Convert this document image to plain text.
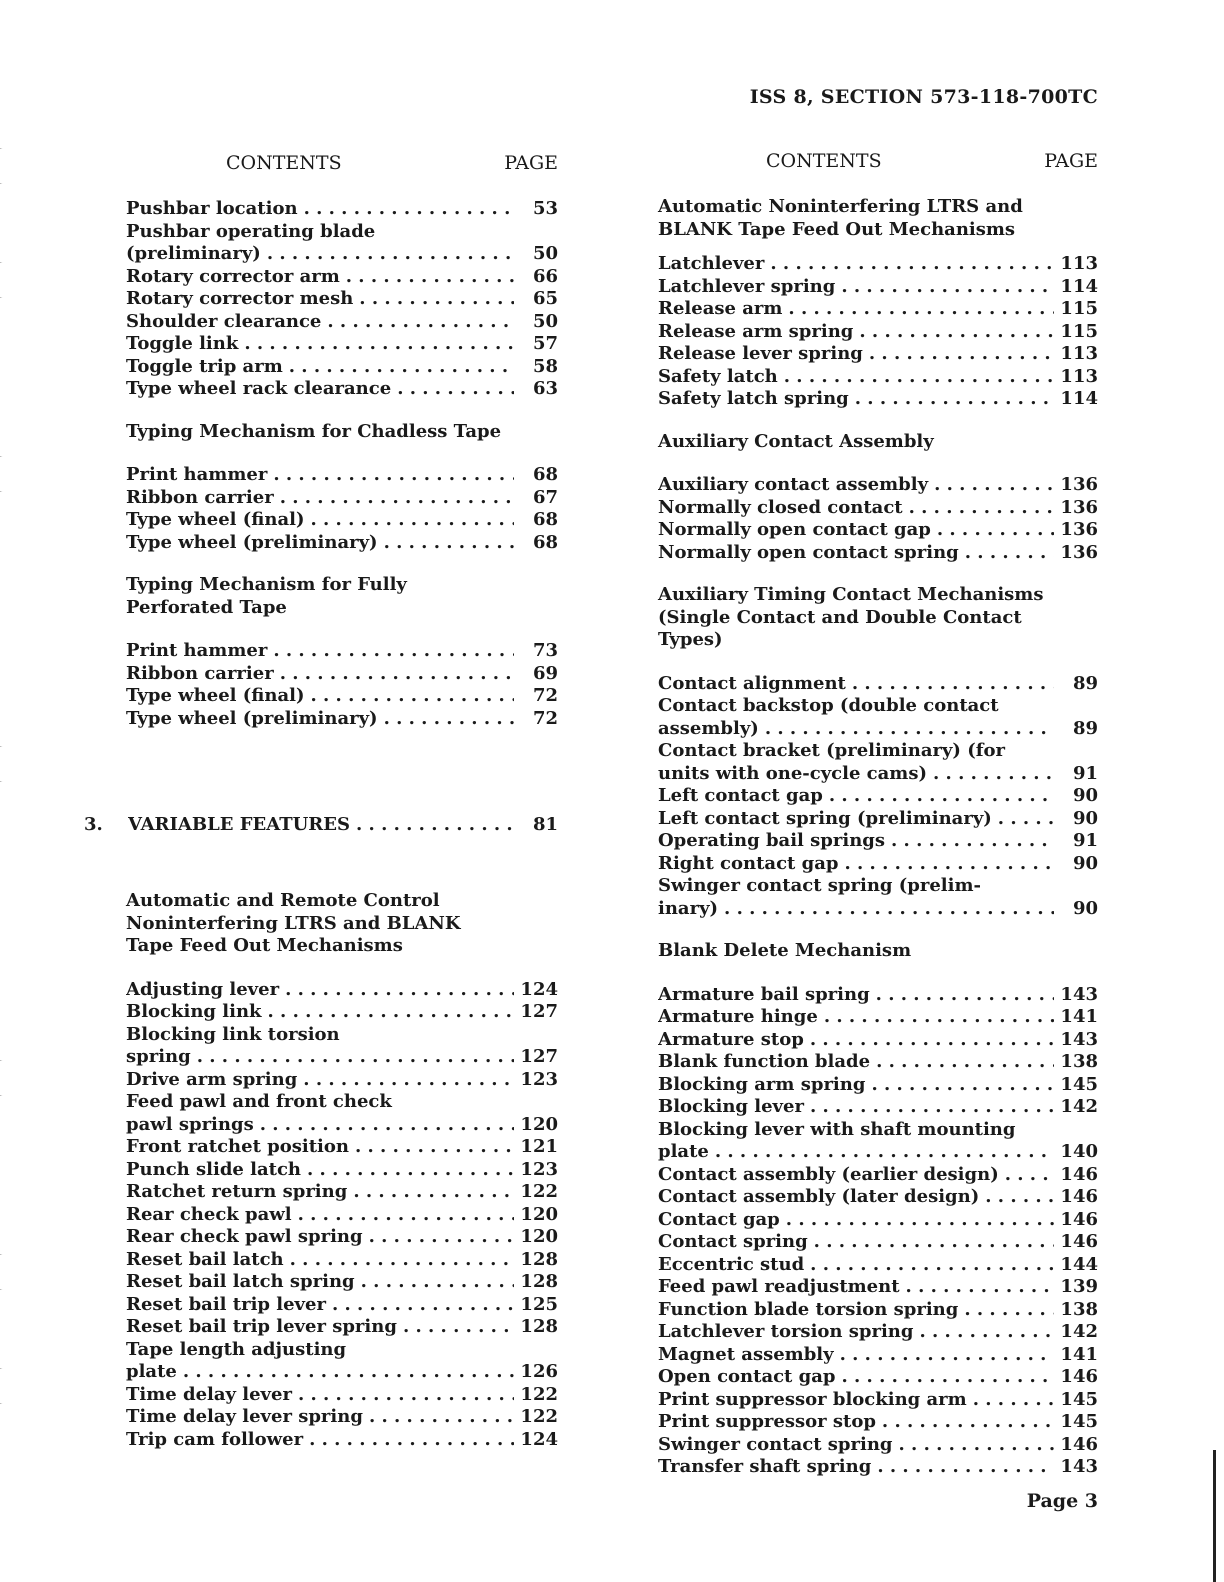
ISS 8, SECTION 573-118-700TC
CONTENTS	PAGE
Pushbar location . . .	53
Pushbar operating blade
(preliminary) . . .	50
Rotary corrector arm . . .	66
Rotary corrector mesh . . .	65
Shoulder clearance . . .	50
Toggle link . . .	57
Toggle trip arm . . .	58
Type wheel rack clearance . . .	63
Typing Mechanism for Chadless Tape
Print hammer . . .	68
Ribbon carrier . . .	67
Type wheel (final) . . .	68
Type wheel (preliminary) . . .	68
Typing Mechanism for Fully
Perforated Tape
Print hammer . . .	73
Ribbon carrier . . .	69
Type wheel (final) . . .	72
Type wheel (preliminary) . . .	72
3. VARIABLE FEATURES . . .	81
Automatic and Remote Control
Noninterfering LTRS and BLANK
Tape Feed Out Mechanisms
Adjusting lever . . .	124
Blocking link . . .	127
Blocking link torsion
spring . . .	127
Drive arm spring . . .	123
Feed pawl and front check
pawl springs . . .	120
Front ratchet position . . .	121
Punch slide latch . . .	123
Ratchet return spring . . .	122
Rear check pawl . . .	120
Rear check pawl spring . . .	120
Reset bail latch . . .	128
Reset bail latch spring . . .	128
Reset bail trip lever . . .	125
Reset bail trip lever spring . . .	128
Tape length adjusting
plate . . .	126
Time delay lever . . .	122
Time delay lever spring . . .	122
Trip cam follower . . .	124
CONTENTS	PAGE
Automatic Noninterfering LTRS and
BLANK Tape Feed Out Mechanisms
Latchlever . . .	113
Latchlever spring . . .	114
Release arm . . .	115
Release arm spring . . .	115
Release lever spring . . .	113
Safety latch . . .	113
Safety latch spring . . .	114
Auxiliary Contact Assembly
Auxiliary contact assembly . . .	136
Normally closed contact . . .	136
Normally open contact gap . . .	136
Normally open contact spring . . .	136
Auxiliary Timing Contact Mechanisms
(Single Contact and Double Contact
Types)
Contact alignment . . .	89
Contact backstop (double contact
assembly) . . .	89
Contact bracket (preliminary) (for
units with one-cycle cams) . . .	91
Left contact gap . . .	90
Left contact spring (preliminary) . . .	90
Operating bail springs . . .	91
Right contact gap . . .	90
Swinger contact spring (prelim-
inary) . . .	90
Blank Delete Mechanism
Armature bail spring . . .	143
Armature hinge . . .	141
Armature stop . . .	143
Blank function blade . . .	138
Blocking arm spring . . .	145
Blocking lever . . .	142
Blocking lever with shaft mounting
plate . . .	140
Contact assembly (earlier design) . . .	146
Contact assembly (later design) . . .	146
Contact gap . . .	146
Contact spring . . .	146
Eccentric stud . . .	144
Feed pawl readjustment . . .	139
Function blade torsion spring . . .	138
Latchlever torsion spring . . .	142
Magnet assembly . . .	141
Open contact gap . . .	146
Print suppressor blocking arm . . .	145
Print suppressor stop . . .	145
Swinger contact spring . . .	146
Transfer shaft spring . . .	143
Page 3
